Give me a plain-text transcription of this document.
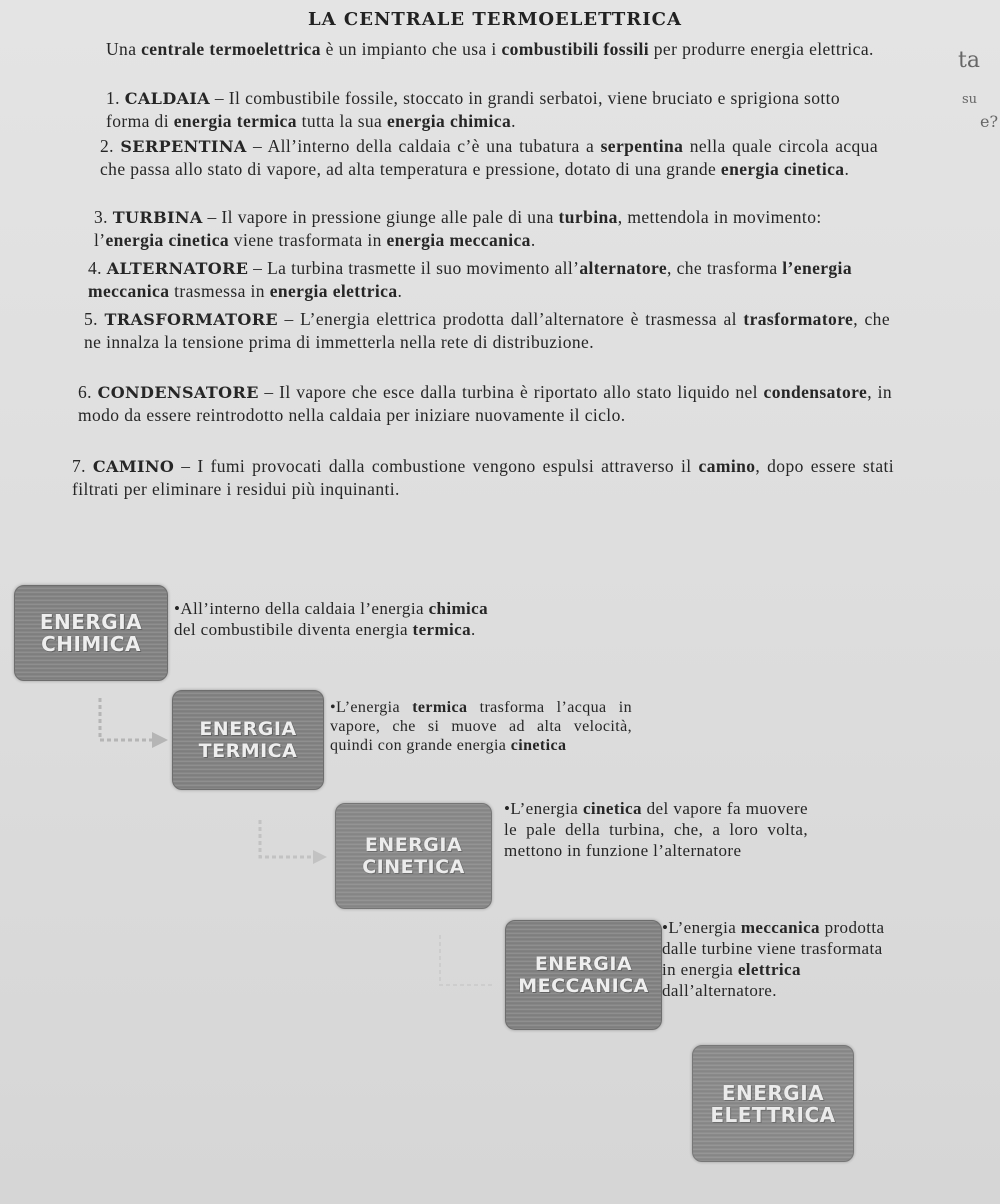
LA CENTRALE TERMOELETTRICA
Una centrale termoelettrica è un impianto che usa i combustibili fossili per produrre energia elettrica.
1. CALDAIA – Il combustibile fossile, stoccato in grandi serbatoi, viene bruciato e sprigiona sotto forma di energia termica tutta la sua energia chimica.
2. SERPENTINA – All’interno della caldaia c’è una tubatura a serpentina nella quale circola acqua che passa allo stato di vapore, ad alta temperatura e pressione, dotato di una grande energia cinetica.
3. TURBINA – Il vapore in pressione giunge alle pale di una turbina, mettendola in movimento: l’energia cinetica viene trasformata in energia meccanica.
4. ALTERNATORE – La turbina trasmette il suo movimento all’alternatore, che trasforma l’energia meccanica trasmessa in energia elettrica.
5. TRASFORMATORE – L’energia elettrica prodotta dall’alternatore è trasmessa al trasformatore, che ne innalza la tensione prima di immetterla nella rete di distribuzione.
6. CONDENSATORE – Il vapore che esce dalla turbina è riportato allo stato liquido nel condensatore, in modo da essere reintrodotto nella caldaia per iniziare nuovamente il ciclo.
7. CAMINO – I fumi provocati dalla combustione vengono espulsi attraverso il camino, dopo essere stati filtrati per eliminare i residui più inquinanti.
ta
su
e?
ENERGIA
CHIMICA
•All’interno della caldaia l’energia chimica del combustibile diventa energia termica.
ENERGIA
TERMICA
•L’energia termica trasforma l’acqua in vapore, che si muove ad alta velocità, quindi con grande energia cinetica
ENERGIA
CINETICA
•L’energia cinetica del vapore fa muovere le pale della turbina, che, a loro volta, mettono in funzione l’alternatore
ENERGIA
MECCANICA
•L’energia meccanica prodotta dalle turbine viene trasformata in energia elettrica dall’alternatore.
ENERGIA
ELETTRICA
